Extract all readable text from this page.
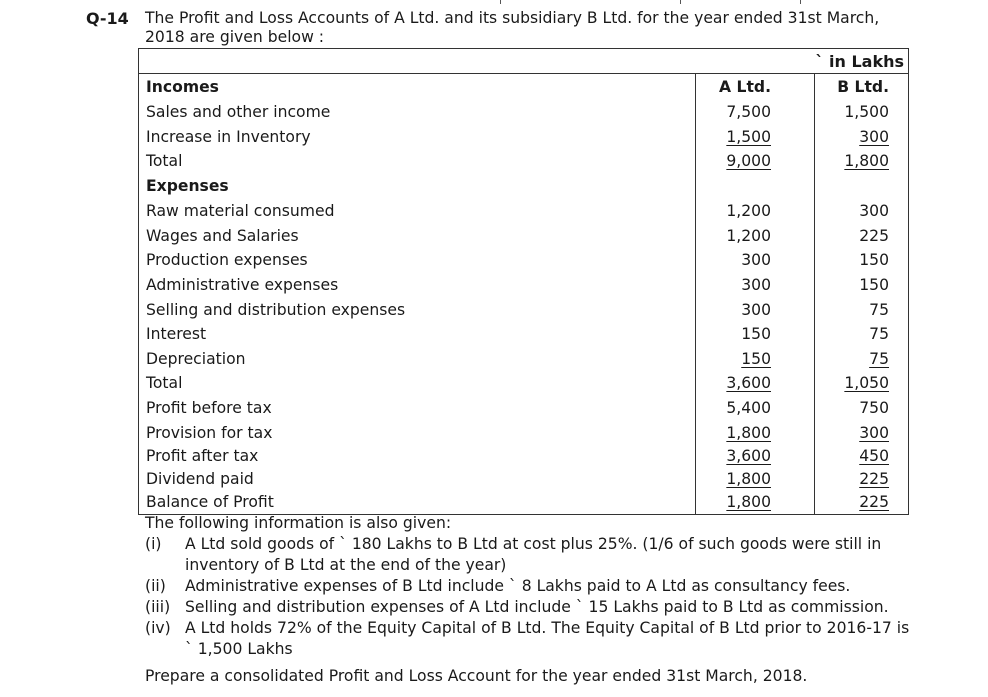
Q-14 The Profit and Loss Accounts of A Ltd. and its subsidiary B Ltd. for the year ended 31st March, 2018 are given below :
` in Lakhs
Incomes	A Ltd.	B Ltd.
Sales and other income	7,500	1,500
Increase in Inventory	1,500	300
Total	9,000	1,800
Expenses
Raw material consumed	1,200	300
Wages and Salaries	1,200	225
Production expenses	300	150
Administrative expenses	300	150
Selling and distribution expenses	300	75
Interest	150	75
Depreciation	150	75
Total	3,600	1,050
Profit before tax	5,400	750
Provision for tax	1,800	300
Profit after tax	3,600	450
Dividend paid	1,800	225
Balance of Profit	1,800	225
The following information is also given:
(i) A Ltd sold goods of ` 180 Lakhs to B Ltd at cost plus 25%. (1/6 of such goods were still in inventory of B Ltd at the end of the year)
(ii) Administrative expenses of B Ltd include ` 8 Lakhs paid to A Ltd as consultancy fees.
(iii) Selling and distribution expenses of A Ltd include ` 15 Lakhs paid to B Ltd as commission.
(iv) A Ltd holds 72% of the Equity Capital of B Ltd. The Equity Capital of B Ltd prior to 2016-17 is ` 1,500 Lakhs
Prepare a consolidated Profit and Loss Account for the year ended 31st March, 2018.
